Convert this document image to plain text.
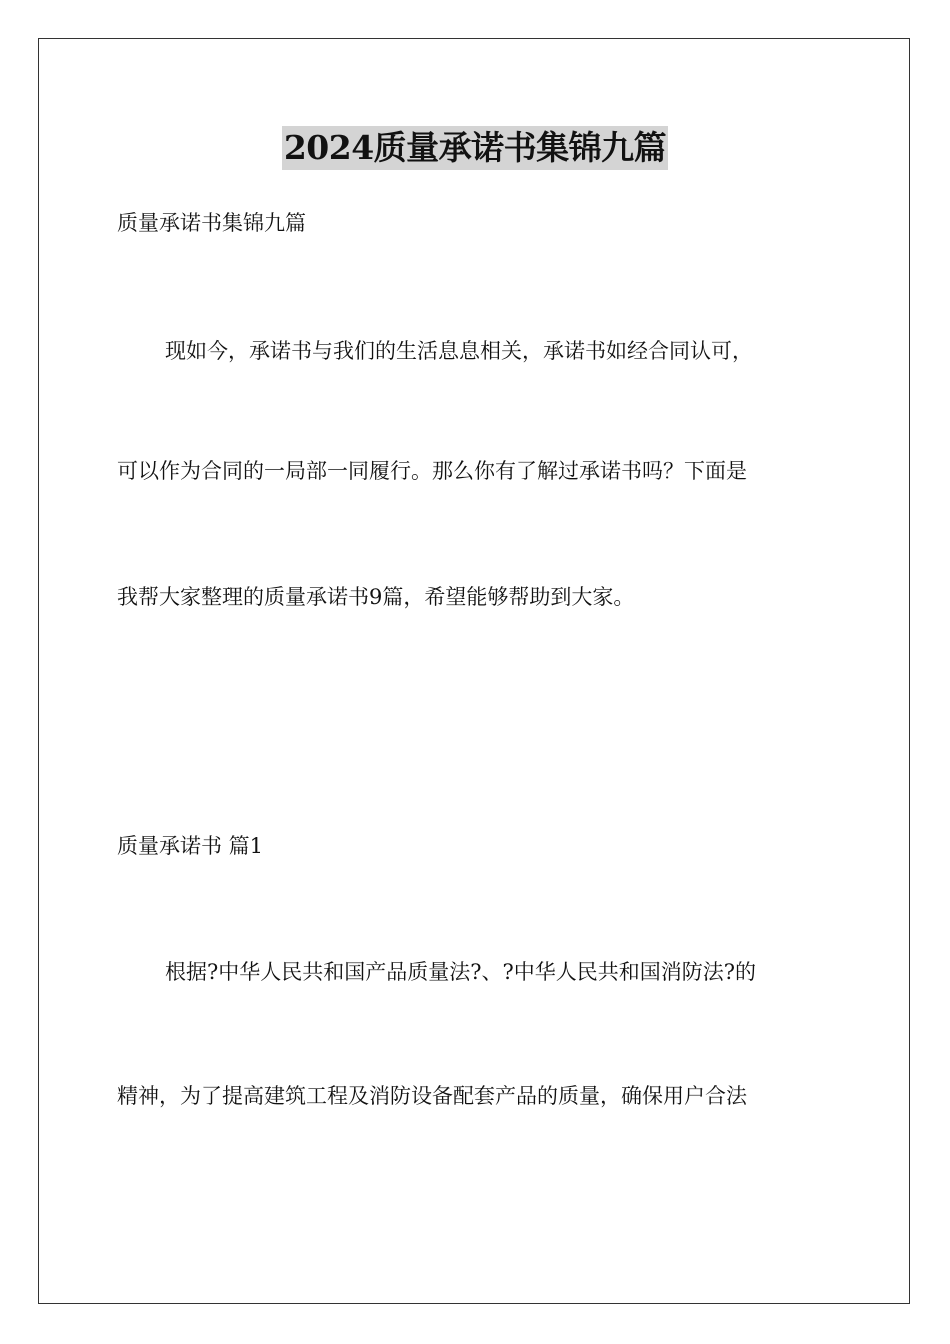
2024质量承诺书集锦九篇
质量承诺书集锦九篇
现如今，承诺书与我们的生活息息相关，承诺书如经合同认可，
可以作为合同的一局部一同履行。那么你有了解过承诺书吗？下面是
我帮大家整理的质量承诺书9篇，希望能够帮助到大家。
质量承诺书 篇1
根据?中华人民共和国产品质量法?、?中华人民共和国消防法?的
精神，为了提高建筑工程及消防设备配套产品的质量，确保用户合法
